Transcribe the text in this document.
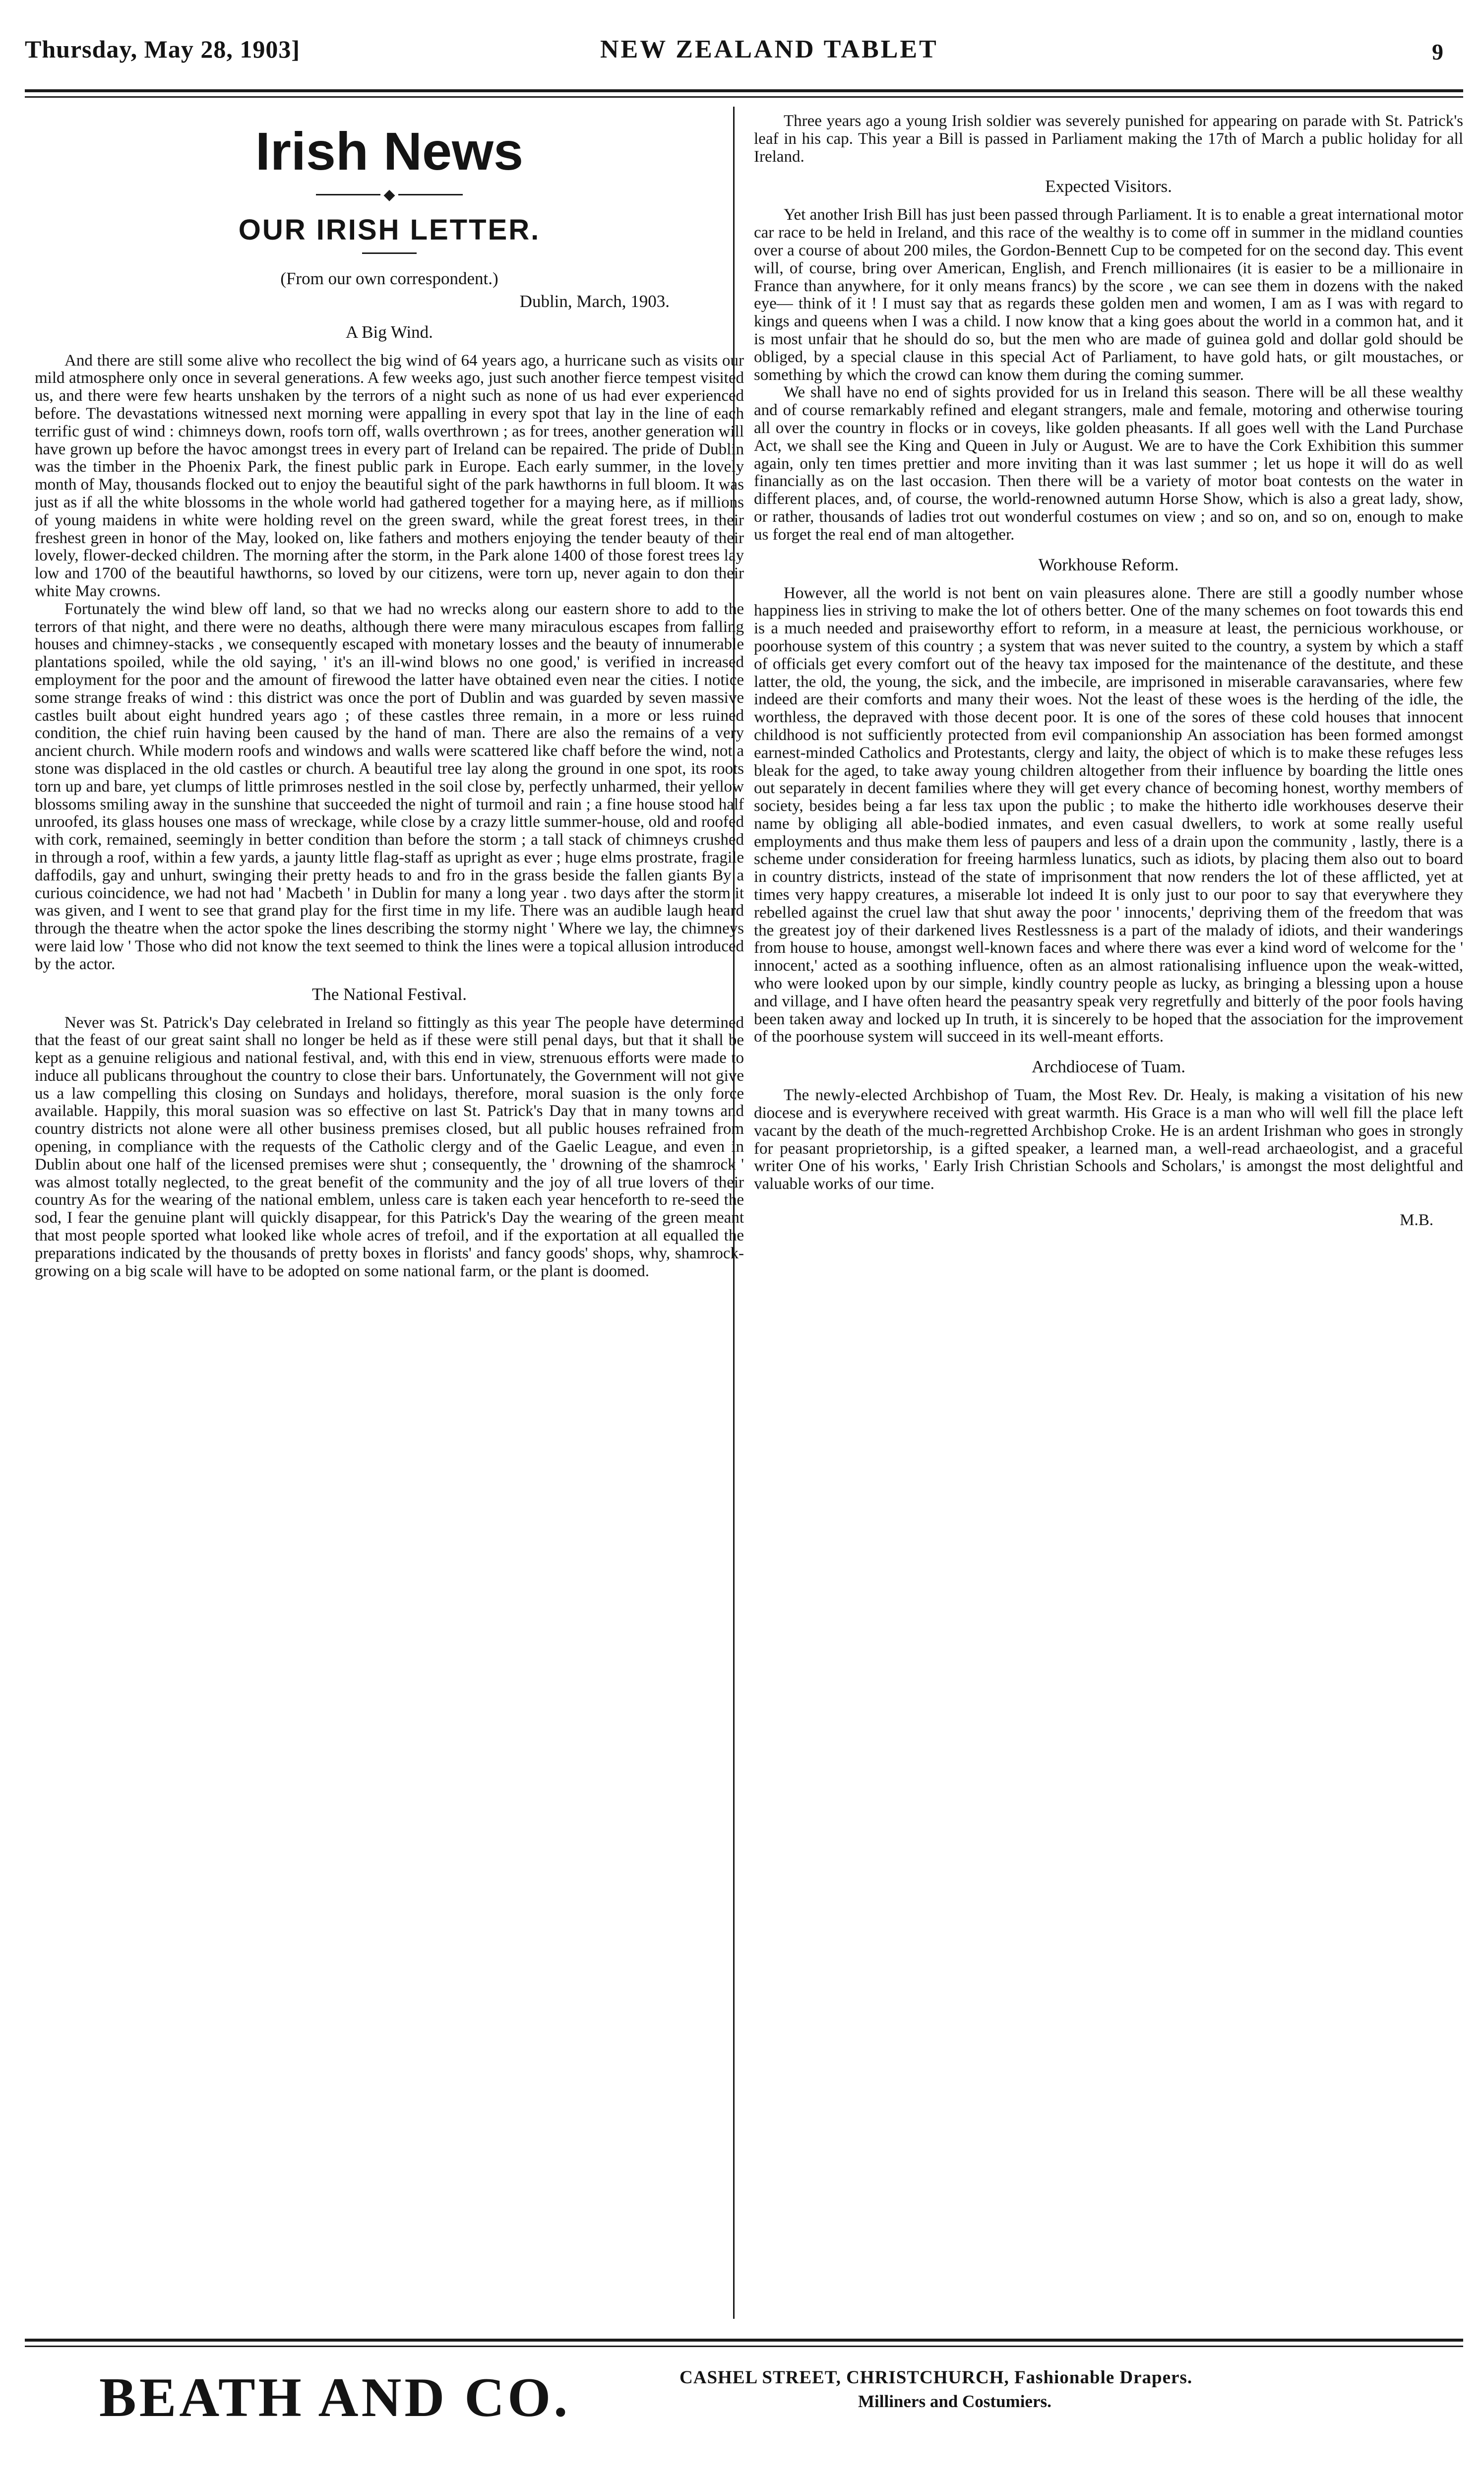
Thursday, May 28, 1903]	NEW ZEALAND TABLET	9
Irish News
◆
OUR IRISH LETTER.
(From our own correspondent.)
Dublin, March, 1903.
A Big Wind.

And there are still some alive who recollect the big wind of 64 years ago, a hurricane such as visits our mild atmosphere only once in several generations. A few weeks ago, just such another fierce tempest visited us, and there were few hearts unshaken by the terrors of a night such as none of us had ever experienced before. The devastations witnessed next morning were appalling in every spot that lay in the line of each terrific gust of wind : chimneys down, roofs torn off, walls overthrown ; as for trees, another generation will have grown up before the havoc amongst trees in every part of Ireland can be repaired. The pride of Dublin was the timber in the Phoenix Park, the finest public park in Europe. Each early summer, in the lovely month of May, thousands flocked out to enjoy the beautiful sight of the park hawthorns in full bloom. It was just as if all the white blossoms in the whole world had gathered together for a maying here, as if millions of young maidens in white were holding revel on the green sward, while the great forest trees, in their freshest green in honor of the May, looked on, like fathers and mothers enjoying the tender beauty of their lovely, flower-decked children. The morning after the storm, in the Park alone 1400 of those forest trees lay low and 1700 of the beautiful hawthorns, so loved by our citizens, were torn up, never again to don their white May crowns.

Fortunately the wind blew off land, so that we had no wrecks along our eastern shore to add to the terrors of that night, and there were no deaths, although there were many miraculous escapes from falling houses and chimney-stacks , we consequently escaped with monetary losses and the beauty of innumerable plantations spoiled, while the old saying, ' it's an ill-wind blows no one good,' is verified in increased employment for the poor and the amount of firewood the latter have obtained even near the cities. I notice some strange freaks of wind : this district was once the port of Dublin and was guarded by seven massive castles built about eight hundred years ago ; of these castles three remain, in a more or less ruined condition, the chief ruin having been caused by the hand of man. There are also the remains of a very ancient church. While modern roofs and windows and walls were scattered like chaff before the wind, not a stone was displaced in the old castles or church. A beautiful tree lay along the ground in one spot, its roots torn up and bare, yet clumps of little primroses nestled in the soil close by, perfectly unharmed, their yellow blossoms smiling away in the sunshine that succeeded the night of turmoil and rain ; a fine house stood half unroofed, its glass houses one mass of wreckage, while close by a crazy little summer-house, old and roofed with cork, remained, seemingly in better condition than before the storm ; a tall stack of chimneys crushed in through a roof, within a few yards, a jaunty little flag-staff as upright as ever ; huge elms prostrate, fragile daffodils, gay and unhurt, swinging their pretty heads to and fro in the grass beside the fallen giants By a curious coincidence, we had not had ' Macbeth ' in Dublin for many a long year . two days after the storm it was given, and I went to see that grand play for the first time in my life. There was an audible laugh heard through the theatre when the actor spoke the lines describing the stormy night ' Where we lay, the chimneys were laid low ' Those who did not know the text seemed to think the lines were a topical allusion introduced by the actor.

The National Festival.

Never was St. Patrick's Day celebrated in Ireland so fittingly as this year The people have determined that the feast of our great saint shall no longer be held as if these were still penal days, but that it shall be kept as a genuine religious and national festival, and, with this end in view, strenuous efforts were made to induce all publicans throughout the country to close their bars. Unfortunately, the Government will not give us a law compelling this closing on Sundays and holidays, therefore, moral suasion is the only force available. Happily, this moral suasion was so effective on last St. Patrick's Day that in many towns and country districts not alone were all other business premises closed, but all public houses refrained from opening, in compliance with the requests of the Catholic clergy and of the Gaelic League, and even in Dublin about one half of the licensed premises were shut ; consequently, the ' drowning of the shamrock ' was almost totally neglected, to the great benefit of the community and the joy of all true lovers of their country As for the wearing of the national emblem, unless care is taken each year henceforth to re-seed the sod, I fear the genuine plant will quickly disappear, for this Patrick's Day the wearing of the green meant that most people sported what looked like whole acres of trefoil, and if the exportation at all equalled the preparations indicated by the thousands of pretty boxes in florists' and fancy goods' shops, why, shamrock-growing on a big scale will have to be adopted on some national farm, or the plant is doomed.

Three years ago a young Irish soldier was severely punished for appearing on parade with St. Patrick's leaf in his cap. This year a Bill is passed in Parliament making the 17th of March a public holiday for all Ireland.

Expected Visitors.

Yet another Irish Bill has just been passed through Parliament. It is to enable a great international motor car race to be held in Ireland, and this race of the wealthy is to come off in summer in the midland counties over a course of about 200 miles, the Gordon-Bennett Cup to be competed for on the second day. This event will, of course, bring over American, English, and French millionaires (it is easier to be a millionaire in France than anywhere, for it only means francs) by the score , we can see them in dozens with the naked eye— think of it ! I must say that as regards these golden men and women, I am as I was with regard to kings and queens when I was a child. I now know that a king goes about the world in a common hat, and it is most unfair that he should do so, but the men who are made of guinea gold and dollar gold should be obliged, by a special clause in this special Act of Parliament, to have gold hats, or gilt moustaches, or something by which the crowd can know them during the coming summer.

We shall have no end of sights provided for us in Ireland this season. There will be all these wealthy and of course remarkably refined and elegant strangers, male and female, motoring and otherwise touring all over the country in flocks or in coveys, like golden pheasants. If all goes well with the Land Purchase Act, we shall see the King and Queen in July or August. We are to have the Cork Exhibition this summer again, only ten times prettier and more inviting than it was last summer ; let us hope it will do as well financially as on the last occasion. Then there will be a variety of motor boat contests on the water in different places, and, of course, the world-renowned autumn Horse Show, which is also a great lady, show, or rather, thousands of ladies trot out wonderful costumes on view ; and so on, and so on, enough to make us forget the real end of man altogether.

Workhouse Reform.

However, all the world is not bent on vain pleasures alone. There are still a goodly number whose happiness lies in striving to make the lot of others better. One of the many schemes on foot towards this end is a much needed and praiseworthy effort to reform, in a measure at least, the pernicious workhouse, or poorhouse system of this country ; a system that was never suited to the country, a system by which a staff of officials get every comfort out of the heavy tax imposed for the maintenance of the destitute, and these latter, the old, the young, the sick, and the imbecile, are imprisoned in miserable caravansaries, where few indeed are their comforts and many their woes. Not the least of these woes is the herding of the idle, the worthless, the depraved with those decent poor. It is one of the sores of these cold houses that innocent childhood is not sufficiently protected from evil companionship An association has been formed amongst earnest-minded Catholics and Protestants, clergy and laity, the object of which is to make these refuges less bleak for the aged, to take away young children altogether from their influence by boarding the little ones out separately in decent families where they will get every chance of becoming honest, worthy members of society, besides being a far less tax upon the public ; to make the hitherto idle workhouses deserve their name by obliging all able-bodied inmates, and even casual dwellers, to work at some really useful employments and thus make them less of paupers and less of a drain upon the community , lastly, there is a scheme under consideration for freeing harmless lunatics, such as idiots, by placing them also out to board in country districts, instead of the state of imprisonment that now renders the lot of these afflicted, yet at times very happy creatures, a miserable lot indeed It is only just to our poor to say that everywhere they rebelled against the cruel law that shut away the poor ' innocents,' depriving them of the freedom that was the greatest joy of their darkened lives Restlessness is a part of the malady of idiots, and their wanderings from house to house, amongst well-known faces and where there was ever a kind word of welcome for the ' innocent,' acted as a soothing influence, often as an almost rationalising influence upon the weak-witted, who were looked upon by our simple, kindly country people as lucky, as bringing a blessing upon a house and village, and I have often heard the peasantry speak very regretfully and bitterly of the poor fools having been taken away and locked up In truth, it is sincerely to be hoped that the association for the improvement of the poorhouse system will succeed in its well-meant efforts.

Archdiocese of Tuam.

The newly-elected Archbishop of Tuam, the Most Rev. Dr. Healy, is making a visitation of his new diocese and is everywhere received with great warmth. His Grace is a man who will well fill the place left vacant by the death of the much-regretted Archbishop Croke. He is an ardent Irishman who goes in strongly for peasant proprietorship, is a gifted speaker, a learned man, a well-read archaeologist, and a graceful writer One of his works, ' Early Irish Christian Schools and Scholars,' is amongst the most delightful and valuable works of our time.

M.B.
BEATH AND CO.	CASHEL STREET, CHRISTCHURCH, Fashionable Drapers.
Milliners and Costumiers.
